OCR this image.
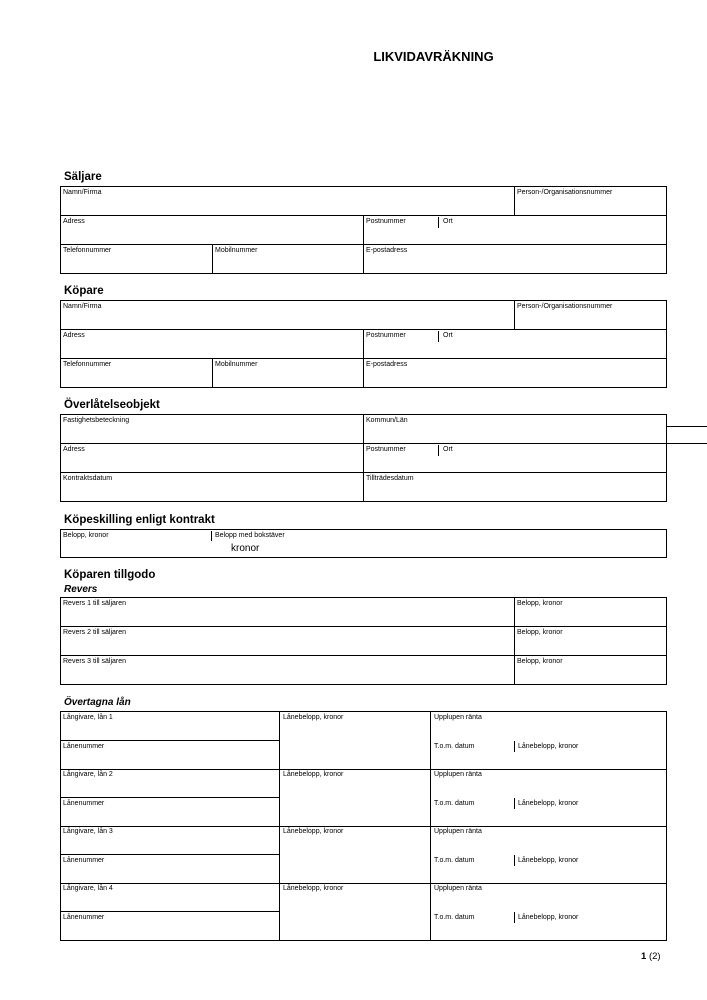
LIKVIDAVRÄKNING
Säljare
Namn/Firma	Person-/Organisationsnummer
Adress	Postnummer	Ort
Telefonnummer	Mobilnummer	E-postadress
Köpare
Namn/Firma	Person-/Organisationsnummer
Adress	Postnummer	Ort
Telefonnummer	Mobilnummer	E-postadress
Överlåtelseobjekt
Fastighetsbeteckning	Kommun/Län
Adress	Postnummer	Ort
Kontraktsdatum	Tillträdesdatum
Köpeskilling enligt kontrakt
Belopp, kronor	Belopp med bokstäver
kronor
Köparen tillgodo
Revers
Revers 1 till säljaren	Belopp, kronor
Revers 2 till säljaren	Belopp, kronor
Revers 3 till säljaren	Belopp, kronor
Övertagna lån
Långivare, lån 1	Lånebelopp, kronor	Upplupen ränta
Lånenummer	T.o.m. datum	Lånebelopp, kronor
Långivare, lån 2	Lånebelopp, kronor	Upplupen ränta
Lånenummer	T.o.m. datum	Lånebelopp, kronor
Långivare, lån 3	Lånebelopp, kronor	Upplupen ränta
Lånenummer	T.o.m. datum	Lånebelopp, kronor
Långivare, lån 4	Lånebelopp, kronor	Upplupen ränta
Lånenummer	T.o.m. datum	Lånebelopp, kronor
1 (2)
